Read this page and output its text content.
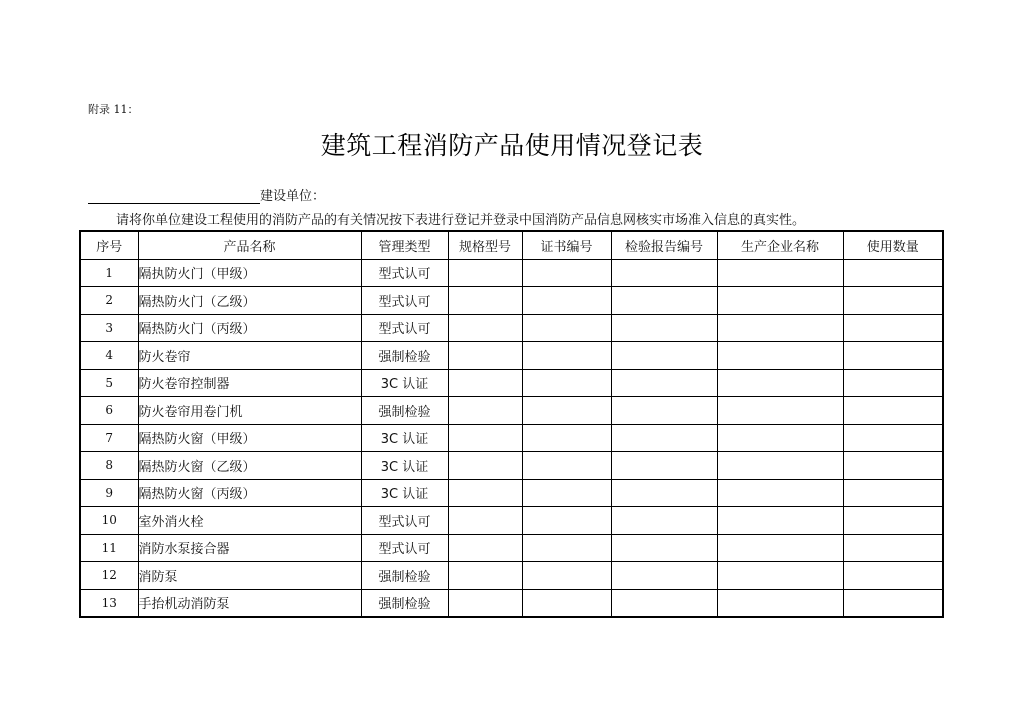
附录 11：
建筑工程消防产品使用情况登记表
建设单位：
请将你单位建设工程使用的消防产品的有关情况按下表进行登记并登录中国消防产品信息网核实市场准入信息的真实性。
序号	产品名称	管理类型	规格型号	证书编号	检验报告编号	生产企业名称	使用数量
1	隔执防火门（甲级）	型式认可					
2	隔热防火门（乙级）	型式认可					
3	隔热防火门（丙级）	型式认可					
4	防火卷帘	强制检验					
5	防火卷帘控制器	3C 认证					
6	防火卷帘用卷门机	强制检验					
7	隔热防火窗（甲级）	3C 认证					
8	隔热防火窗（乙级）	3C 认证					
9	隔热防火窗（丙级）	3C 认证					
10	室外消火栓	型式认可					
11	消防水泵接合器	型式认可					
12	消防泵	强制检验					
13	手抬机动消防泵	强制检验					
